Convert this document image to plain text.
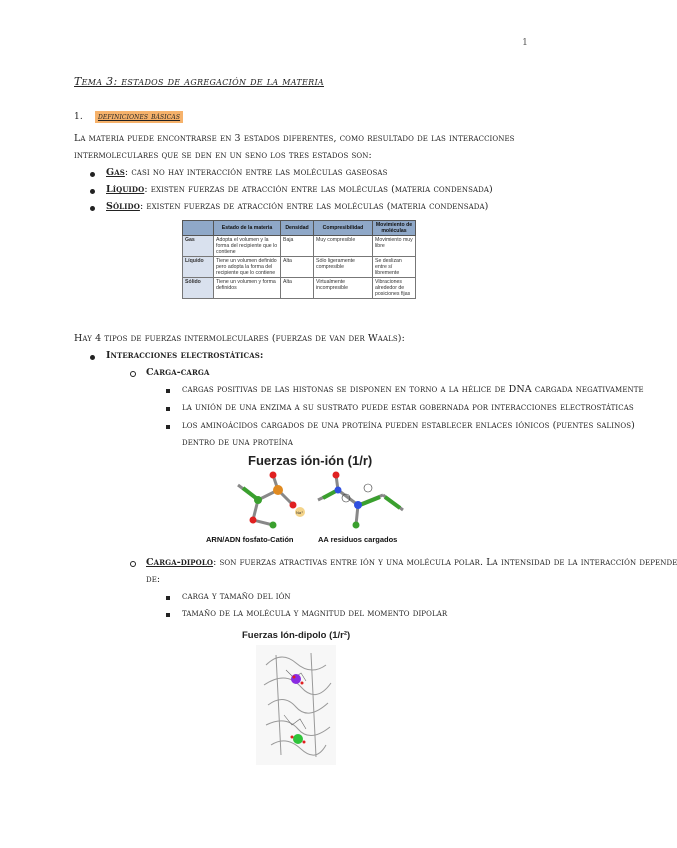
1
Tema 3: estados de agregación de la materia
1. definiciones básicas
La materia puede encontrarse en 3 estados diferentes, como resultado de las interacciones intermoleculares que se den en un seno los tres estados son:
Gas: casi no hay interacción entre las moléculas gaseosas
Líquido: existen fuerzas de atracción entre las moléculas (materia condensada)
Sólido: existen fuerzas de atracción entre las moléculas (materia condensada)
	Estado de la materia	Densidad	Compresibilidad	Movimiento de moléculas
Gas	Adopta el volumen y la forma del recipiente que lo contiene	Baja	Muy compresible	Movimiento muy libre
Líquido	Tiene un volumen definido pero adopta la forma del recipiente que lo contiene	Alta	Sólo ligeramente compresible	Se deslizan entre sí libremente
Sólido	Tiene un volumen y forma definidos	Alta	Virtualmente incompresible	Vibraciones alrededor de posiciones fijas
Hay 4 tipos de fuerzas intermoleculares (fuerzas de van der Waals):
Interacciones electrostáticas:
Carga-carga
cargas positivas de las histonas se disponen en torno a la hélice de DNA cargada negativamente
la unión de una enzima a su sustrato puede estar gobernada por interacciones electrostáticas
los aminoácidos cargados de una proteína pueden establecer enlaces iónicos (puentes salinos)
dentro de una proteína
Fuerzas ión-ión (1/r)
Na⁺
ARN/ADN fosfato-Catión	AA residuos cargados
Carga-dipolo: son fuerzas atractivas entre ión y una molécula polar. La intensidad de la interacción depende
de:
carga y tamaño del ión
tamaño de la molécula y magnitud del momento dipolar
Fuerzas Ión-dipolo (1/r²)
